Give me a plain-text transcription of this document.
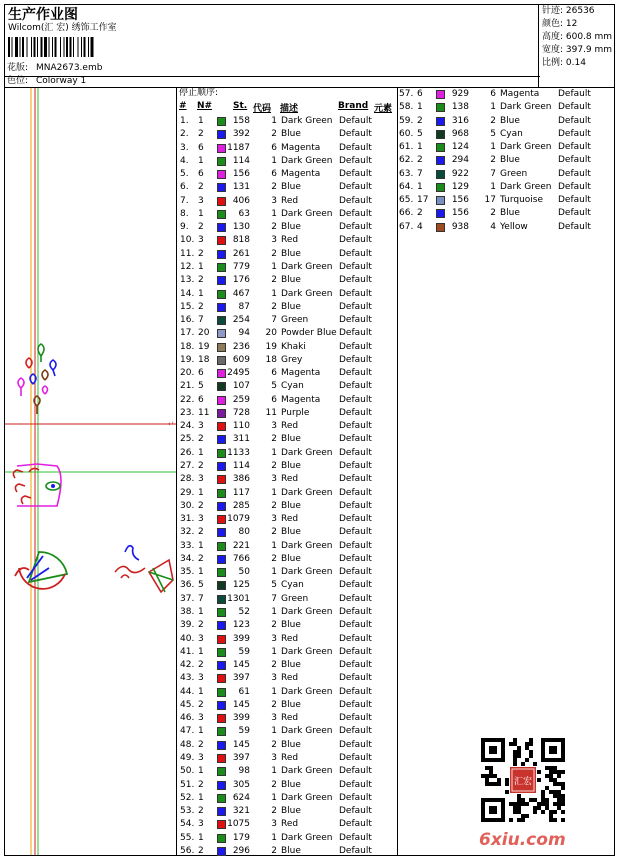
生产作业图
Wilcom(汇 宏) 绣饰工作室
花版: MNA2673.emb
色位: Colorway 1
针迹: 26536
颜色: 12
高度: 600.8 mm
宽度: 397.9 mm
比例: 0.14
↵
停止顺序:
# N# St. 代码 描述	Brand 元素
1. 1	158 1 Dark Green Default
2. 2	392 2 Blue	Default
3. 6	1187 6 Magenta Default
4. 1	114 1 Dark Green Default
5. 6	156 6 Magenta Default
6. 2	131 2 Blue	Default
7. 3	406 3 Red	Default
8. 1	63 1 Dark Green Default
9. 2	130 2 Blue	Default
10. 3	818 3 Red	Default
11. 2	261 2 Blue	Default
12. 1	779 1 Dark Green Default
13. 2	176 2 Blue	Default
14. 1	467 1 Dark Green Default
15. 2	87 2 Blue	Default
16. 7	254 7 Green	Default
17. 20	94 20 Powder Blue Default
18. 19	236 19 Khaki	Default
19. 18	609 18 Grey	Default
20. 6	2495 6 Magenta Default
21. 5	107 5 Cyan	Default
22. 6	259 6 Magenta Default
23. 11	728 11 Purple	Default
24. 3	110 3 Red	Default
25. 2	311 2 Blue	Default
26. 1	1133 1 Dark Green Default
27. 2	114 2 Blue	Default
28. 3	386 3 Red	Default
29. 1	117 1 Dark Green Default
30. 2	285 2 Blue	Default
31. 3	1079 3 Red	Default
32. 2	80 2 Blue	Default
33. 1	221 1 Dark Green Default
34. 2	766 2 Blue	Default
35. 1	50 1 Dark Green Default
36. 5	125 5 Cyan	Default
37. 7	1301 7 Green	Default
38. 1	52 1 Dark Green Default
39. 2	123 2 Blue	Default
40. 3	399 3 Red	Default
41. 1	59 1 Dark Green Default
42. 2	145 2 Blue	Default
43. 3	397 3 Red	Default
44. 1	61 1 Dark Green Default
45. 2	145 2 Blue	Default
46. 3	399 3 Red	Default
47. 1	59 1 Dark Green Default
48. 2	145 2 Blue	Default
49. 3	397 3 Red	Default
50. 1	98 1 Dark Green Default
51. 2	305 2 Blue	Default
52. 1	624 1 Dark Green Default
53. 2	321 2 Blue	Default
54. 3	1075 3 Red	Default
55. 1	179 1 Dark Green Default
56. 2	296 2 Blue	Default
57. 6	929 6 Magenta Default
58. 1	138 1 Dark Green Default
59. 2	316 2 Blue	Default
60. 5	968 5 Cyan	Default
61. 1	124 1 Dark Green Default
62. 2	294 2 Blue	Default
63. 7	922 7 Green	Default
64. 1	129 1 Dark Green Default
65. 17	156 17 Turquoise Default
66. 2	156 2 Blue	Default
67. 4	938 4 Yellow	Default
汇宏
6xiu.com
